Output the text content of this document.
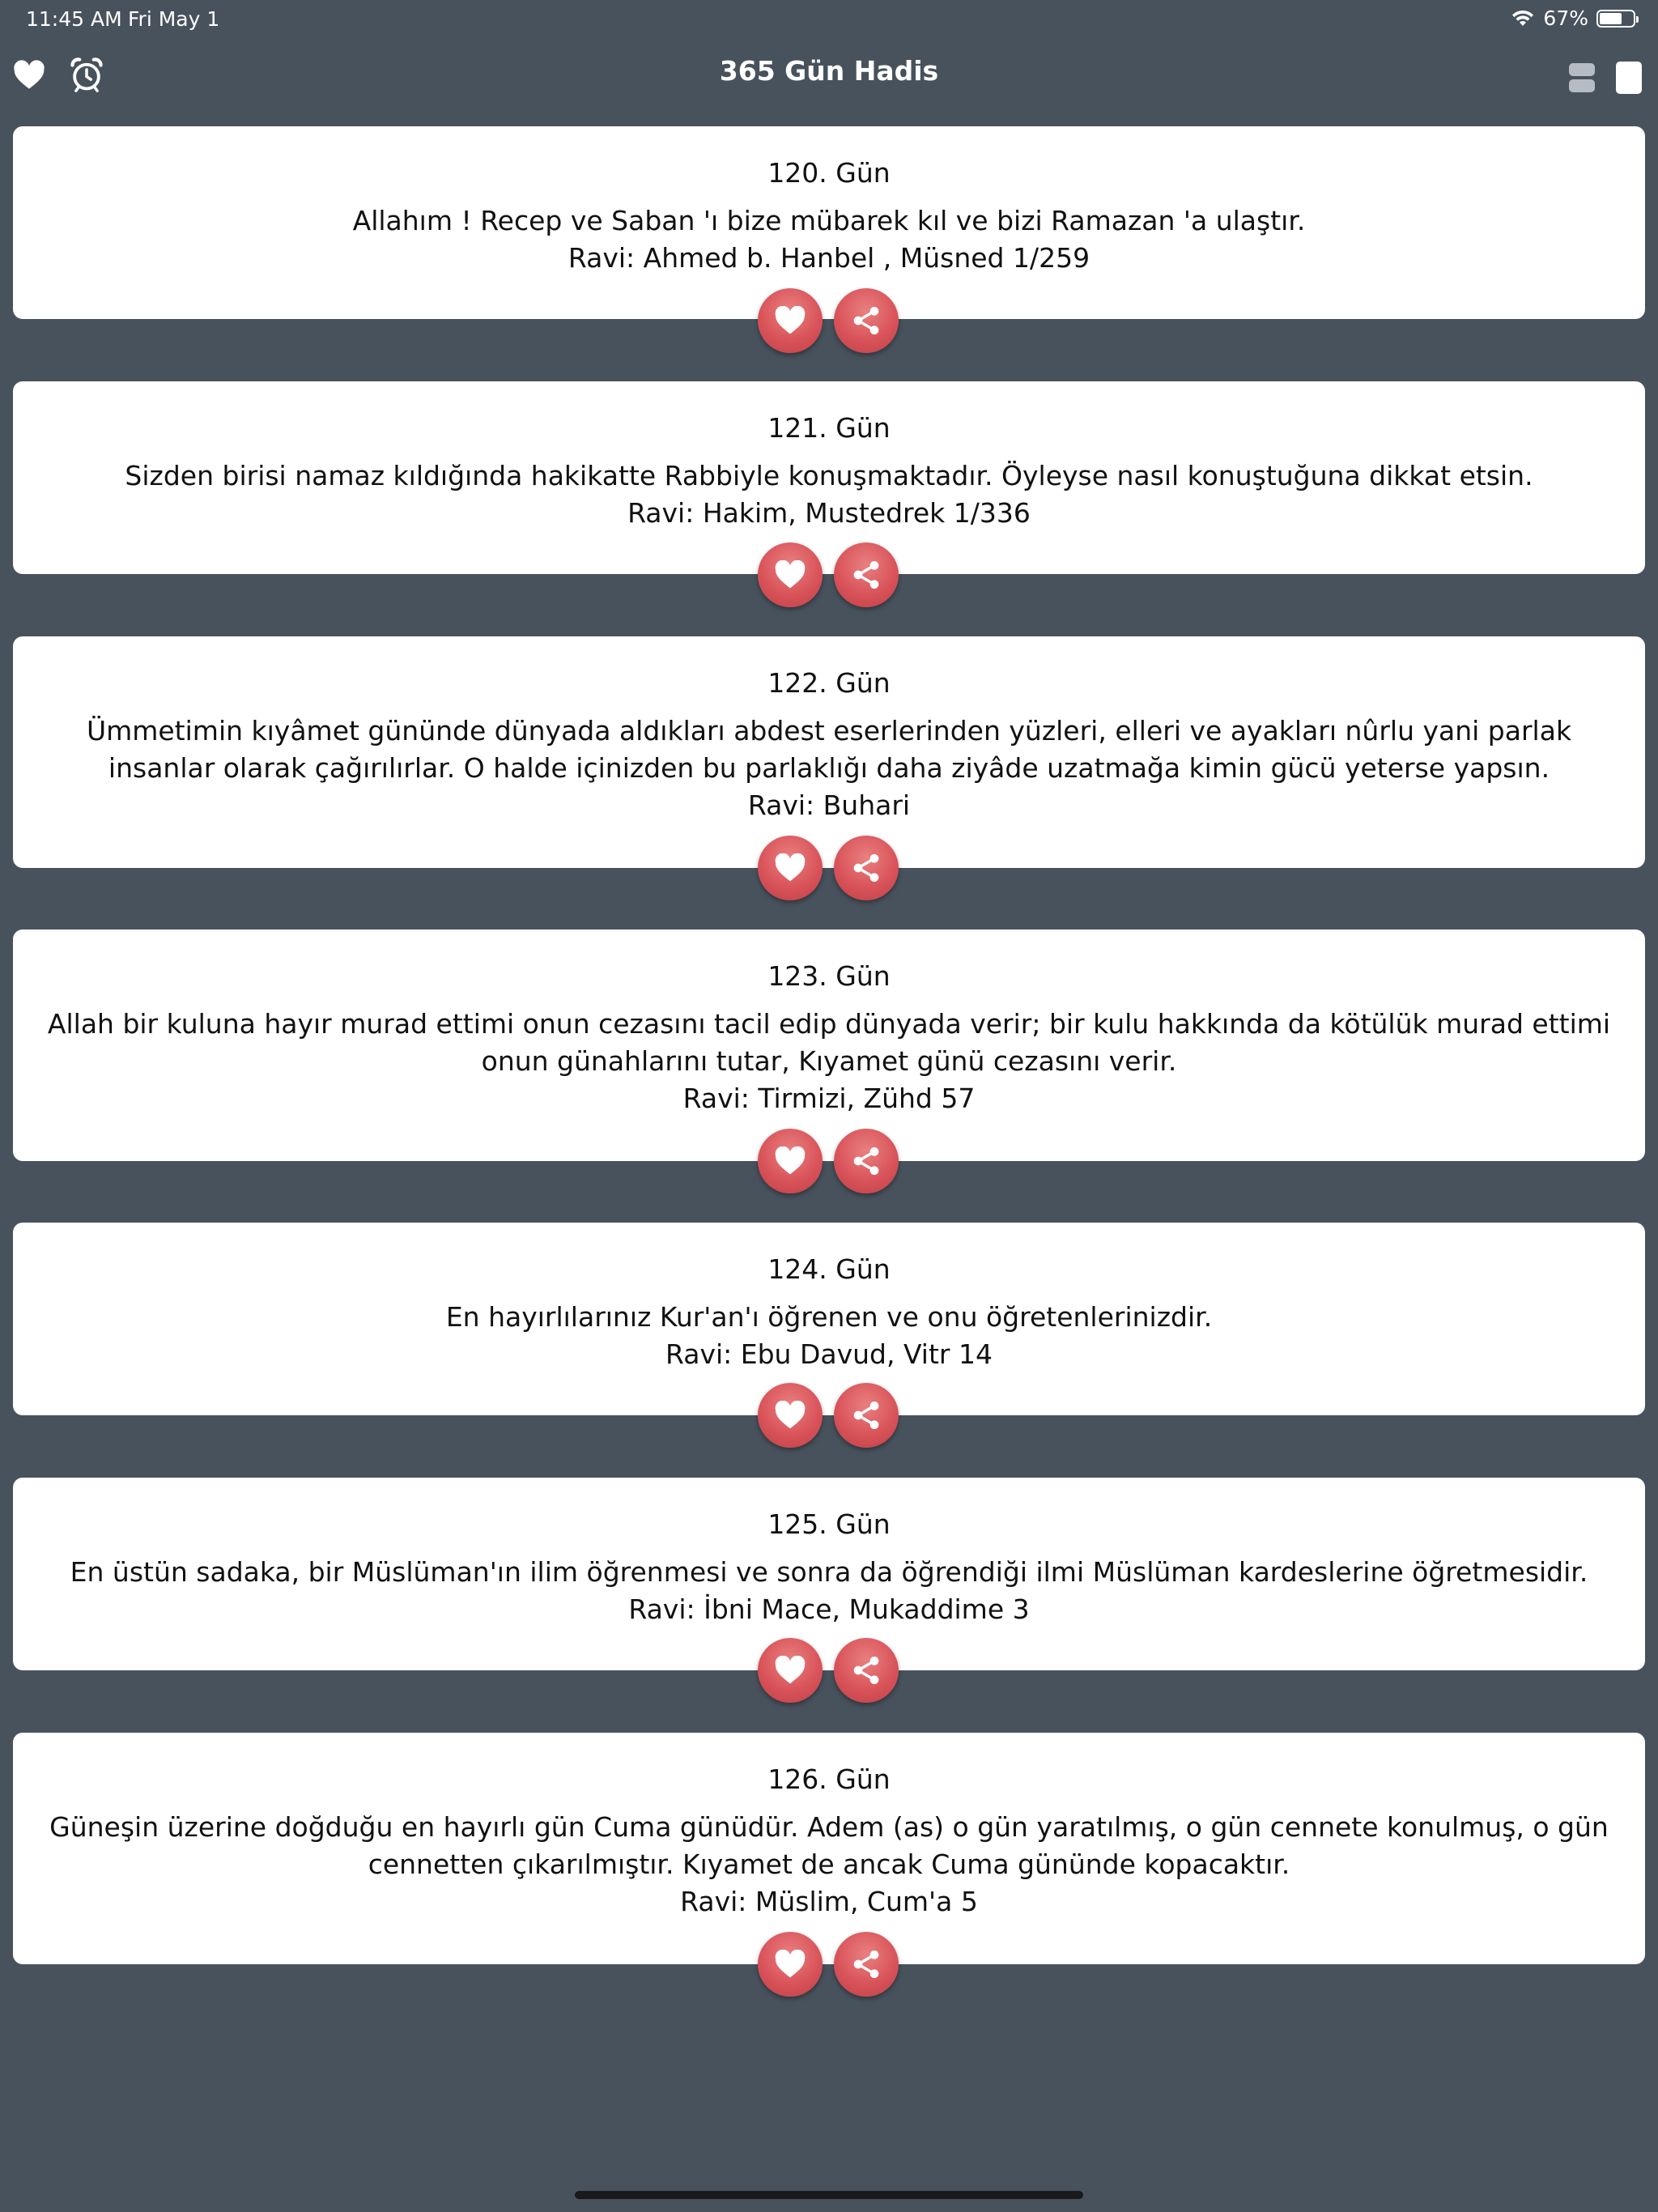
11:45 AM Fri May 1	67%
365 Gün Hadis
120. Gün
Allahım ! Recep ve Saban 'ı bize mübarek kıl ve bizi Ramazan 'a ulaştır.
Ravi: Ahmed b. Hanbel , Müsned 1/259
121. Gün
Sizden birisi namaz kıldığında hakikatte Rabbiyle konuşmaktadır. Öyleyse nasıl konuştuğuna dikkat etsin.
Ravi: Hakim, Mustedrek 1/336
122. Gün
Ümmetimin kıyâmet gününde dünyada aldıkları abdest eserlerinden yüzleri, elleri ve ayakları nûrlu yani parlak insanlar olarak çağırılırlar. O halde içinizden bu parlaklığı daha ziyâde uzatmağa kimin gücü yeterse yapsın.
Ravi: Buhari
123. Gün
Allah bir kuluna hayır murad ettimi onun cezasını tacil edip dünyada verir; bir kulu hakkında da kötülük murad ettimi onun günahlarını tutar, Kıyamet günü cezasını verir.
Ravi: Tirmizi, Zühd 57
124. Gün
En hayırlılarınız Kur'an'ı öğrenen ve onu öğretenlerinizdir.
Ravi: Ebu Davud, Vitr 14
125. Gün
En üstün sadaka, bir Müslüman'ın ilim öğrenmesi ve sonra da öğrendiği ilmi Müslüman kardeslerine öğretmesidir.
Ravi: İbni Mace, Mukaddime 3
126. Gün
Güneşin üzerine doğduğu en hayırlı gün Cuma günüdür. Adem (as) o gün yaratılmış, o gün cennete konulmuş, o gün cennetten çıkarılmıştır. Kıyamet de ancak Cuma gününde kopacaktır.
Ravi: Müslim, Cum'a 5
